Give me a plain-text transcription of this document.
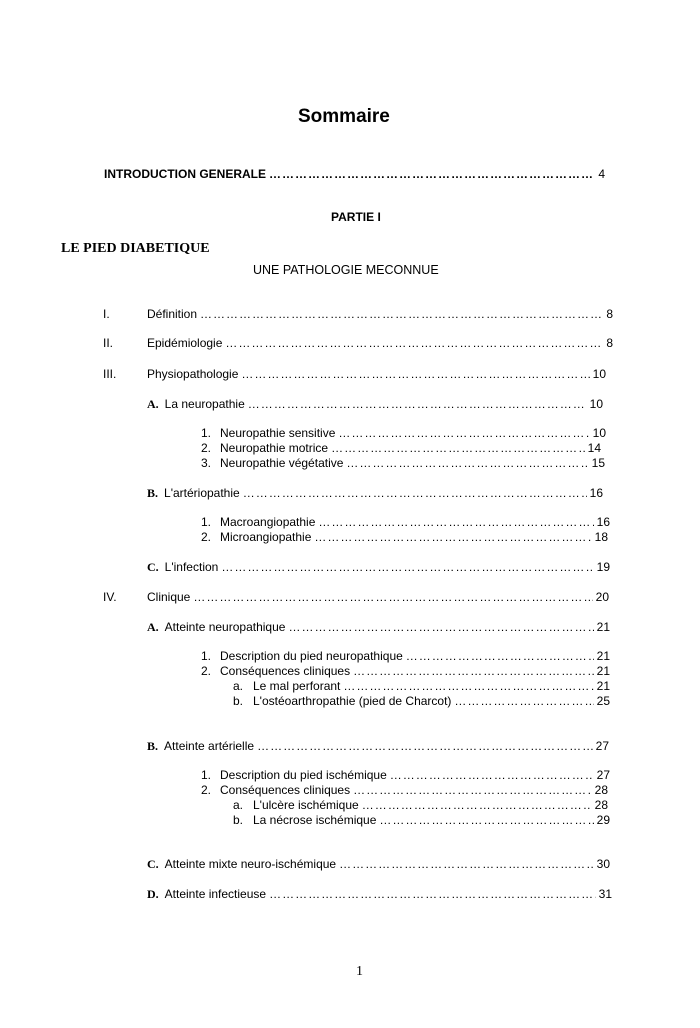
Sommaire
INTRODUCTION GENERALE ………………………………………………………………………………………………………………………………………………………………………	4
PARTIE I
LE PIED DIABETIQUE
UNE PATHOLOGIE MECONNUE
I.	Définition ………………………………………………………………………………………………………………………………………………………………………	8
II.	Epidémiologie ………………………………………………………………………………………………………………………………………………………………………	8
III.	Physiopathologie ………………………………………………………………………………………………………………………………………………………………………	10
A. La neuropathie ………………………………………………………………………………………………………………………………………………………………………	10
1. Neuropathie sensitive ………………………………………………………………………………………………………………………………………………………………………	10
2. Neuropathie motrice ………………………………………………………………………………………………………………………………………………………………………	14
3. Neuropathie végétative ………………………………………………………………………………………………………………………………………………………………………	15
B. L'artériopathie ………………………………………………………………………………………………………………………………………………………………………	16
1. Macroangiopathie ………………………………………………………………………………………………………………………………………………………………………	16
2. Microangiopathie ………………………………………………………………………………………………………………………………………………………………………	18
C. L'infection ………………………………………………………………………………………………………………………………………………………………………	19
IV.	Clinique ………………………………………………………………………………………………………………………………………………………………………	20
A. Atteinte neuropathique ………………………………………………………………………………………………………………………………………………………………………	21
1. Description du pied neuropathique ………………………………………………………………………………………………………………………………………………………………………	21
2. Conséquences cliniques ………………………………………………………………………………………………………………………………………………………………………	21
a. Le mal perforant ………………………………………………………………………………………………………………………………………………………………………	21
b. L'ostéoarthropathie (pied de Charcot) ………………………………………………………………………………………………………………………………………………………………………	25
B. Atteinte artérielle ………………………………………………………………………………………………………………………………………………………………………	27
1. Description du pied ischémique ………………………………………………………………………………………………………………………………………………………………………	27
2. Conséquences cliniques ………………………………………………………………………………………………………………………………………………………………………	28
a. L'ulcère ischémique ………………………………………………………………………………………………………………………………………………………………………	28
b. La nécrose ischémique ………………………………………………………………………………………………………………………………………………………………………	29
C. Atteinte mixte neuro-ischémique ………………………………………………………………………………………………………………………………………………………………………	30
D. Atteinte infectieuse ………………………………………………………………………………………………………………………………………………………………………	31
1
